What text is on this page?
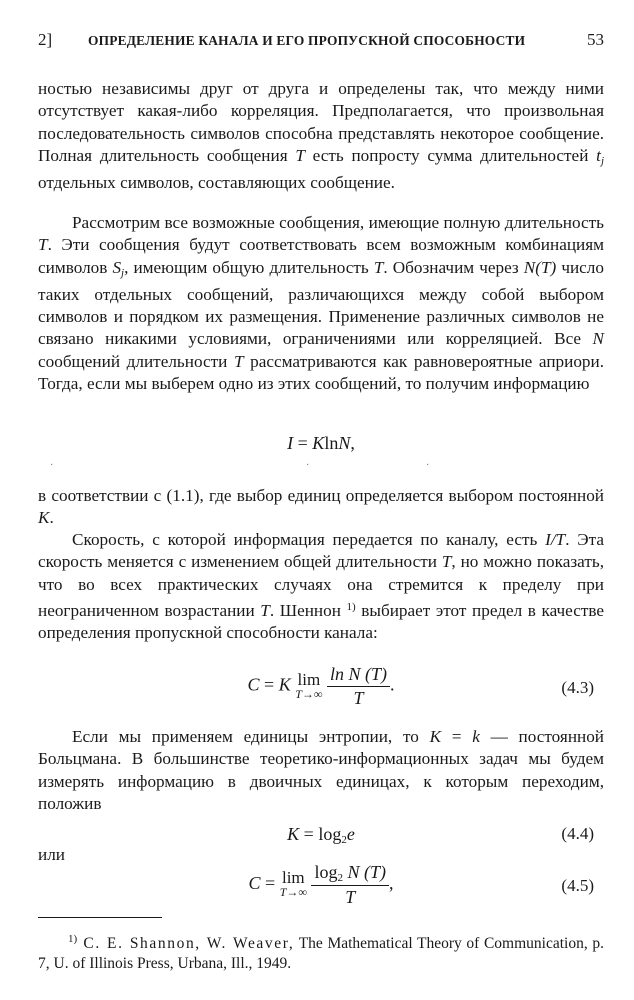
2]	ОПРЕДЕЛЕНИЕ КАНАЛА И ЕГО ПРОПУСКНОЙ СПОСОБНОСТИ	53
ностью независимы друг от друга и определены так, что между ними отсутствует какая-либо корреляция. Предполагается, что произвольная последовательность символов способна представлять некоторое сообщение. Полная длительность сообщения T есть попросту сумма длительностей $t_j$ отдельных символов, составляющих сообщение.
Рассмотрим все возможные сообщения, имеющие полную длительность T. Эти сообщения будут соответствовать всем возможным комбинациям символов $S_j$, имеющим общую длительность T. Обозначим через N(T) число таких отдельных сообщений, различающихся между собой выбором символов и порядком их размещения. Применение различных символов не связано никакими условиями, ограничениями или корреляцией. Все N сообщений длительности T рассматриваются как равновероятные априори. Тогда, если мы выберем одно из этих сообщений, то получим информацию
I = KlnN,
·	·	·
в соответствии с (1.1), где выбор единиц определяется выбором постоянной K.
Скорость, с которой информация передается по каналу, есть I/T. Эта скорость меняется с изменением общей длительности T, но можно показать, что во всех практических случаях она стремится к пределу при неограниченном возрастании T. Шеннон $^{1)}$ выбирает этот предел в качестве определения пропускной способности канала:
C = K lim
T→∞
$\frac{\text{ln N (T)}}{T}$ .	(4.3)
Если мы применяем единицы энтропии, то K = k — постоянной Больцмана. В большинстве теоретико-информационных задач мы будем измерять информацию в двоичных единицах, к которым переходим, положив
$K = \log_2e$	(4.4)
или
C = lim
T→∞
$\frac{\log_2 N (T)}{T}$ ,	(4.5)
$^{1)}$ C. E. Shannon, W. Weaver, The Mathematical Theory of Communication, p. 7, U. of Illinois Press, Urbana, Ill., 1949.
